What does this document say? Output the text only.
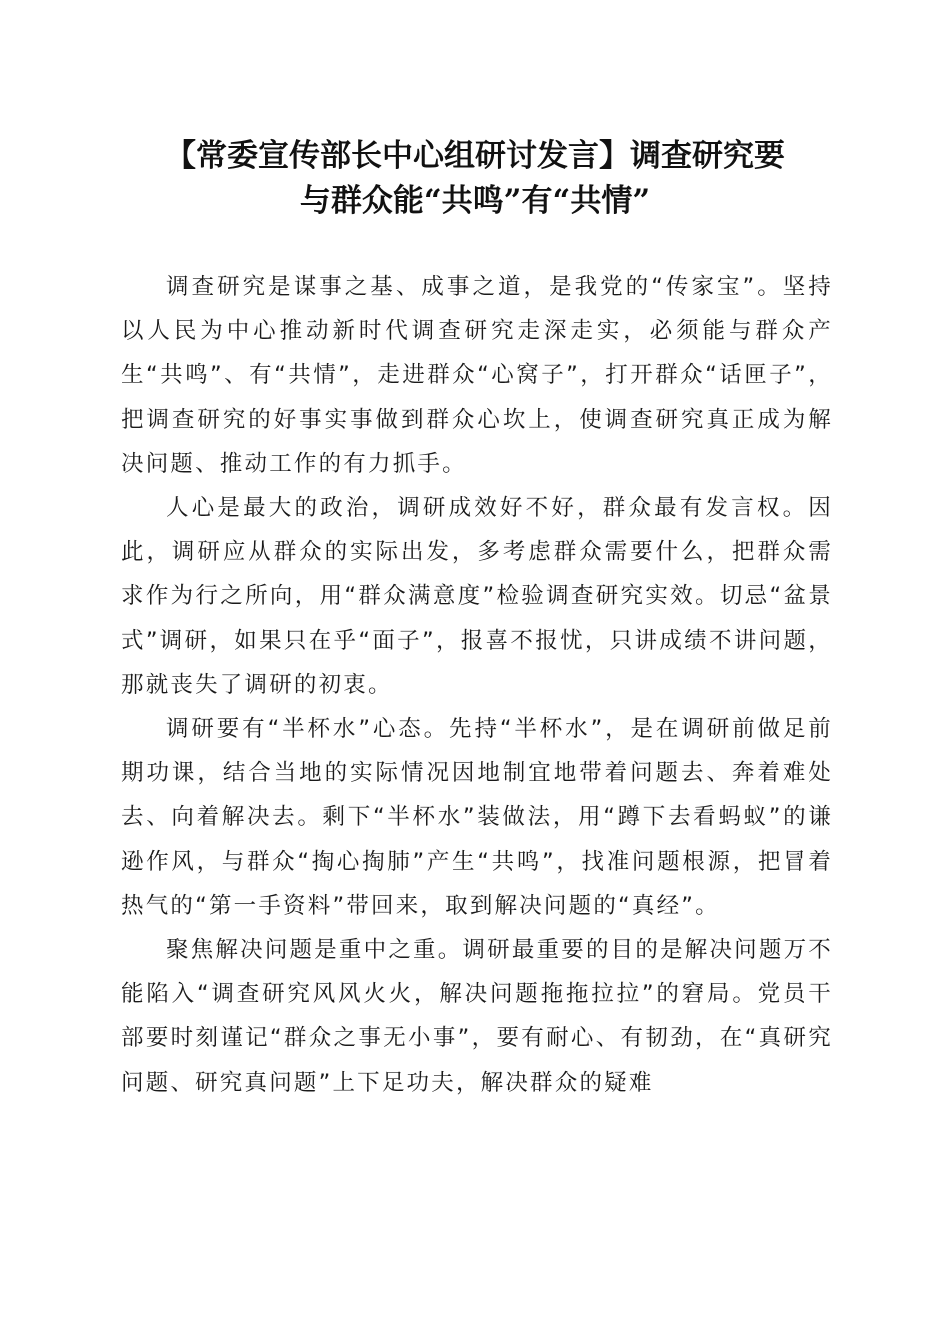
【常委宣传部长中心组研讨发言】调查研究要
与群众能“共鸣”有“共情”

调查研究是谋事之基、成事之道，是我党的“传家宝”。坚持以人民为中心推动新时代调查研究走深走实，必须能与群众产生“共鸣”、有“共情”，走进群众“心窝子”，打开群众“话匣子”，把调查研究的好事实事做到群众心坎上，使调查研究真正成为解决问题、推动工作的有力抓手。

人心是最大的政治，调研成效好不好，群众最有发言权。因此，调研应从群众的实际出发，多考虑群众需要什么，把群众需求作为行之所向，用“群众满意度”检验调查研究实效。切忌“盆景式”调研，如果只在乎“面子”，报喜不报忧，只讲成绩不讲问题，那就丧失了调研的初衷。

调研要有“半杯水”心态。先持“半杯水”，是在调研前做足前期功课，结合当地的实际情况因地制宜地带着问题去、奔着难处去、向着解决去。剩下“半杯水”装做法，用“蹲下去看蚂蚁”的谦逊作风，与群众“掏心掏肺”产生“共鸣”，找准问题根源，把冒着热气的“第一手资料”带回来，取到解决问题的“真经”。

聚焦解决问题是重中之重。调研最重要的目的是解决问题万不能陷入“调查研究风风火火，解决问题拖拖拉拉”的窘局。党员干部要时刻谨记“群众之事无小事”，要有耐心、有韧劲，在“真研究问题、研究真问题”上下足功夫，解决群众的疑难
